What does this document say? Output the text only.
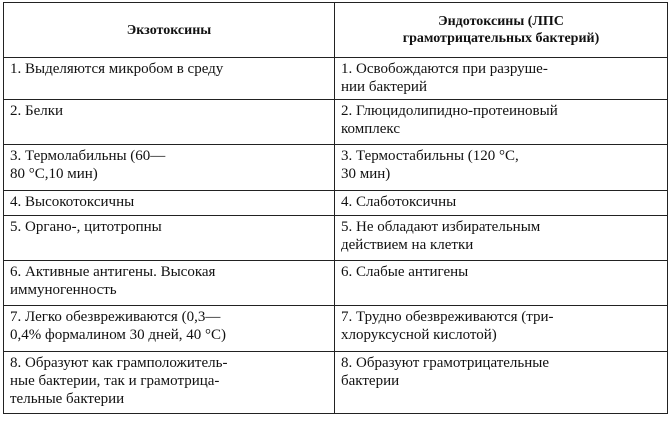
Экзотоксины	Эндотоксины (ЛПС
грамотрицательных бактерий)
1. Выделяются микробом в среду	1. Освобождаются при разруше-
нии бактерий
2. Белки	2. Глюцидолипидно-протеиновый
комплекс
3. Термолабильны (60—
80 °С,10 мин)	3. Термостабильны (120 °С,
30 мин)
4. Высокотоксичны	4. Слаботоксичны
5. Органо-, цитотропны	5. Не обладают избирательным
действием на клетки
6. Активные антигены. Высокая
иммуногенность	6. Слабые антигены
7. Легко обезвреживаются (0,3—
0,4% формалином 30 дней, 40 °С)	7. Трудно обезвреживаются (три-
хлоруксусной кислотой)
8. Образуют как грамположитель-
ные бактерии, так и грамотрица-
тельные бактерии	8. Образуют грамотрицательные
бактерии
